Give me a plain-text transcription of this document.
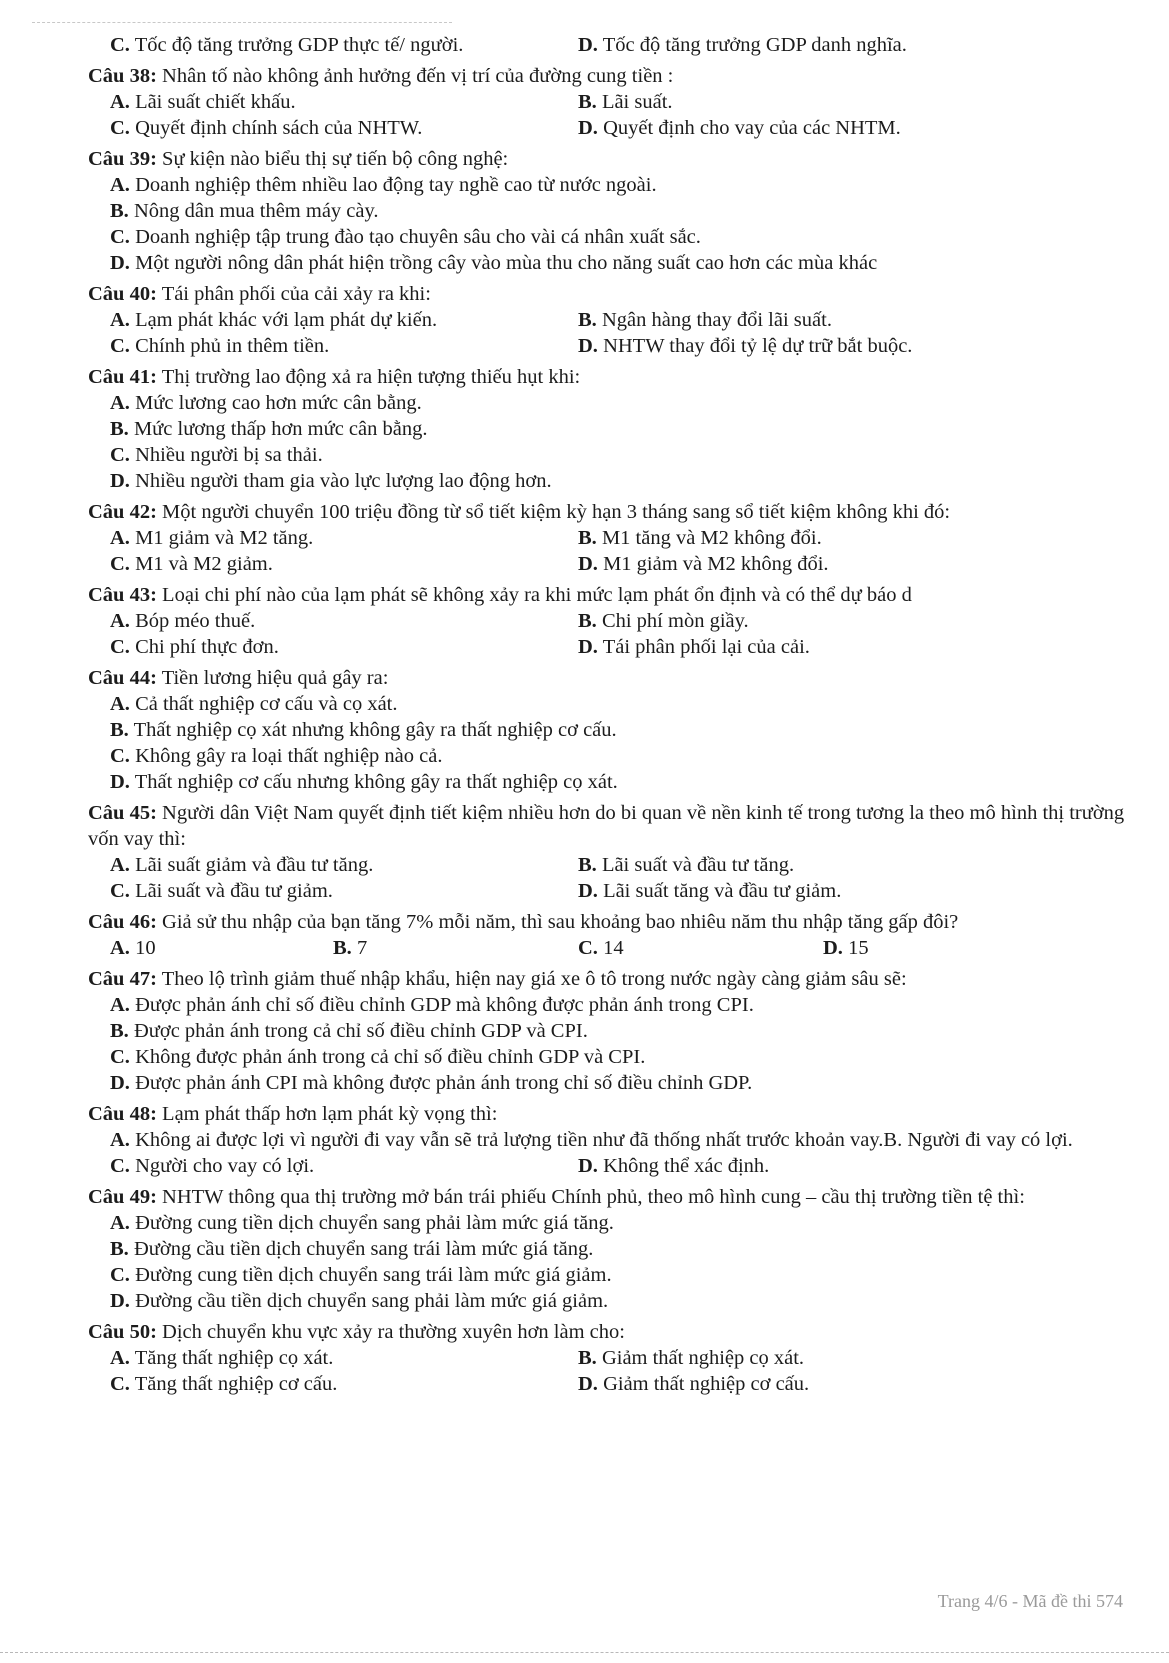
C. Tốc độ tăng trưởng GDP thực tế/ người.	D. Tốc độ tăng trưởng GDP danh nghĩa.

Câu 38: Nhân tố nào không ảnh hưởng đến vị trí của đường cung tiền :

A. Lãi suất chiết khấu.	B. Lãi suất.
C. Quyết định chính sách của NHTW.	D. Quyết định cho vay của các NHTM.

Câu 39: Sự kiện nào biểu thị sự tiến bộ công nghệ:

A. Doanh nghiệp thêm nhiều lao động tay nghề cao từ nước ngoài.

B. Nông dân mua thêm máy cày.

C. Doanh nghiệp tập trung đào tạo chuyên sâu cho vài cá nhân xuất sắc.

D. Một người nông dân phát hiện trồng cây vào mùa thu cho năng suất cao hơn các mùa khác

Câu 40: Tái phân phối của cải xảy ra khi:

A. Lạm phát khác với lạm phát dự kiến.	B. Ngân hàng thay đổi lãi suất.
C. Chính phủ in thêm tiền.	D. NHTW thay đổi tỷ lệ dự trữ bắt buộc.

Câu 41: Thị trường lao động xả ra hiện tượng thiếu hụt khi:

A. Mức lương cao hơn mức cân bằng.

B. Mức lương thấp hơn mức cân bằng.

C. Nhiều người bị sa thải.

D. Nhiều người tham gia vào lực lượng lao động hơn.

Câu 42: Một người chuyển 100 triệu đồng từ sổ tiết kiệm kỳ hạn 3 tháng sang sổ tiết kiệm không khi đó:

A. M1 giảm và M2 tăng.	B. M1 tăng và M2 không đổi.
C. M1 và M2 giảm.	D. M1 giảm và M2 không đổi.

Câu 43: Loại chi phí nào của lạm phát sẽ không xảy ra khi mức lạm phát ổn định và có thể dự báo d

A. Bóp méo thuế.	B. Chi phí mòn giầy.
C. Chi phí thực đơn.	D. Tái phân phối lại của cải.

Câu 44: Tiền lương hiệu quả gây ra:

A. Cả thất nghiệp cơ cấu và cọ xát.

B. Thất nghiệp cọ xát nhưng không gây ra thất nghiệp cơ cấu.

C. Không gây ra loại thất nghiệp nào cả.

D. Thất nghiệp cơ cấu nhưng không gây ra thất nghiệp cọ xát.

Câu 45: Người dân Việt Nam quyết định tiết kiệm nhiều hơn do bi quan về nền kinh tế trong tương la theo mô hình thị trường vốn vay thì:

A. Lãi suất giảm và đầu tư tăng.	B. Lãi suất và đầu tư tăng.
C. Lãi suất và đầu tư giảm.	D. Lãi suất tăng và đầu tư giảm.

Câu 46: Giả sử thu nhập của bạn tăng 7% mỗi năm, thì sau khoảng bao nhiêu năm thu nhập tăng gấp đôi?

A. 10	B. 7	C. 14	D. 15

Câu 47: Theo lộ trình giảm thuế nhập khẩu, hiện nay giá xe ô tô trong nước ngày càng giảm sâu sẽ:

A. Được phản ánh chỉ số điều chỉnh GDP mà không được phản ánh trong CPI.

B. Được phản ánh trong cả chỉ số điều chỉnh GDP và CPI.

C. Không được phản ánh trong cả chỉ số điều chỉnh GDP và CPI.

D. Được phản ánh CPI mà không được phản ánh trong chỉ số điều chỉnh GDP.

Câu 48: Lạm phát thấp hơn lạm phát kỳ vọng thì:

A. Không ai được lợi vì người đi vay vẫn sẽ trả lượng tiền như đã thống nhất trước khoản vay.B. Người đi vay có lợi.

C. Người cho vay có lợi.	D. Không thể xác định.

Câu 49: NHTW thông qua thị trường mở bán trái phiếu Chính phủ, theo mô hình cung – cầu thị trường tiền tệ thì:

A. Đường cung tiền dịch chuyển sang phải làm mức giá tăng.

B. Đường cầu tiền dịch chuyển sang trái làm mức giá tăng.

C. Đường cung tiền dịch chuyển sang trái làm mức giá giảm.

D. Đường cầu tiền dịch chuyển sang phải làm mức giá giảm.

Câu 50: Dịch chuyển khu vực xảy ra thường xuyên hơn làm cho:

A. Tăng thất nghiệp cọ xát.	B. Giảm thất nghiệp cọ xát.
C. Tăng thất nghiệp cơ cấu.	D. Giảm thất nghiệp cơ cấu.
Trang 4/6 - Mã đề thi 574
